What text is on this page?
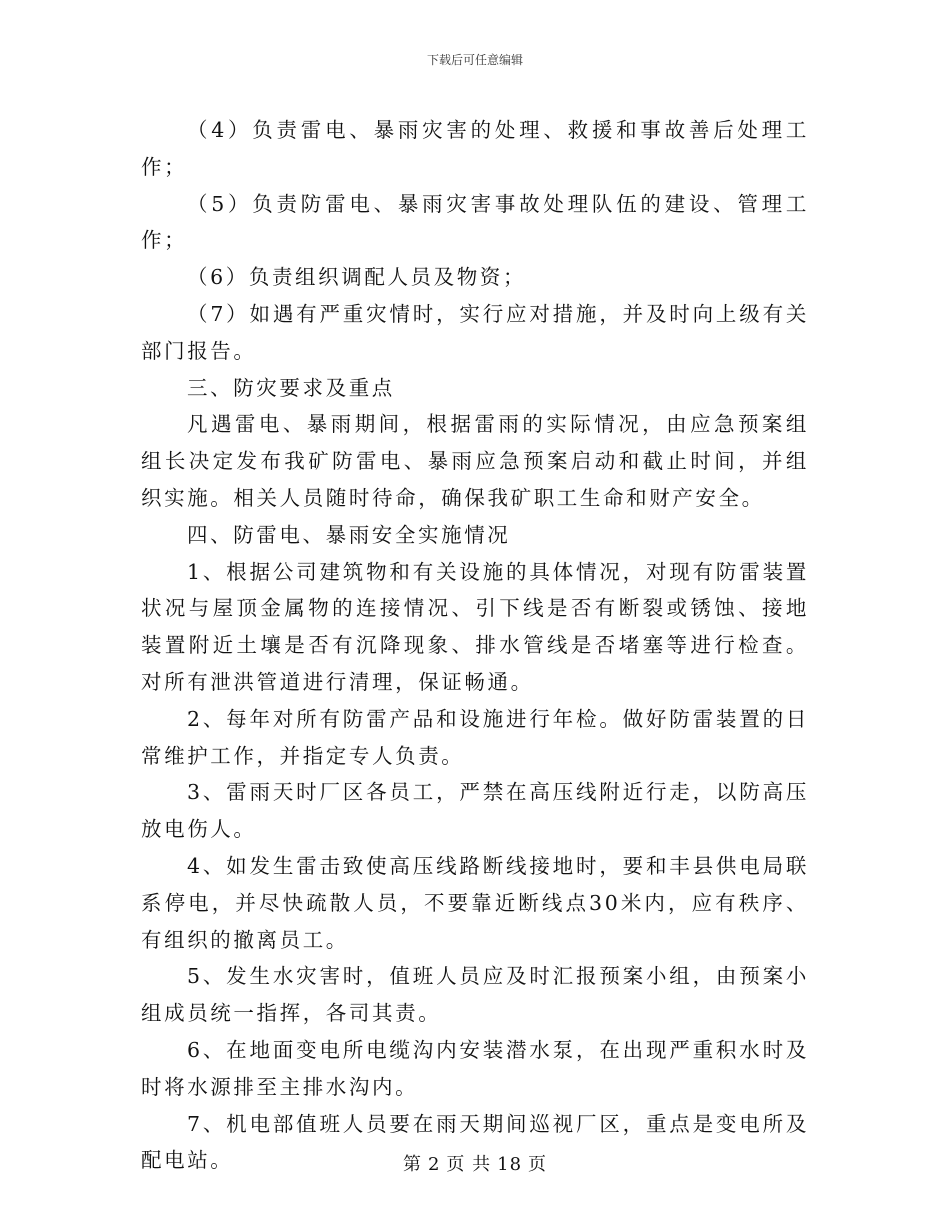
下载后可任意编辑

（4）负责雷电、暴雨灾害的处理、救援和事故善后处理工作；

（5）负责防雷电、暴雨灾害事故处理队伍的建设、管理工作；

（6）负责组织调配人员及物资；

（7）如遇有严重灾情时，实行应对措施，并及时向上级有关部门报告。

三、防灾要求及重点

凡遇雷电、暴雨期间，根据雷雨的实际情况，由应急预案组组长决定发布我矿防雷电、暴雨应急预案启动和截止时间，并组织实施。相关人员随时待命，确保我矿职工生命和财产安全。

四、防雷电、暴雨安全实施情况

1、根据公司建筑物和有关设施的具体情况，对现有防雷装置状况与屋顶金属物的连接情况、引下线是否有断裂或锈蚀、接地装置附近土壤是否有沉降现象、排水管线是否堵塞等进行检查。对所有泄洪管道进行清理，保证畅通。

2、每年对所有防雷产品和设施进行年检。做好防雷装置的日常维护工作，并指定专人负责。

3、雷雨天时厂区各员工，严禁在高压线附近行走，以防高压放电伤人。

4、如发生雷击致使高压线路断线接地时，要和丰县供电局联系停电，并尽快疏散人员，不要靠近断线点30米内，应有秩序、有组织的撤离员工。

5、发生水灾害时，值班人员应及时汇报预案小组，由预案小组成员统一指挥，各司其责。

6、在地面变电所电缆沟内安装潜水泵，在出现严重积水时及时将水源排至主排水沟内。

7、机电部值班人员要在雨天期间巡视厂区，重点是变电所及配电站。	第 2 页 共 18 页
